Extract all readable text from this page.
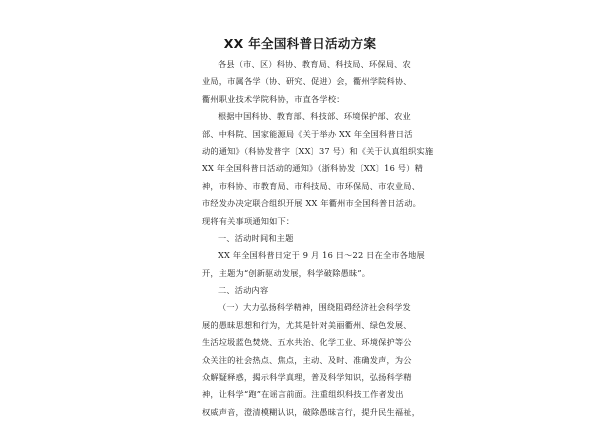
XX 年全国科普日活动方案
各县（市、区）科协、教育局、科技局、环保局、农
业局，市属各学（协、研究、促进）会，衢州学院科协、
衢州职业技术学院科协，市直各学校：
根据中国科协、教育部、科技部、环境保护部、农业
部、中科院、国家能源局《关于举办 XX 年全国科普日活
动的通知》（科协发普字〔XX〕37 号）和《关于认真组织实施
XX 年全国科普日活动的通知》（浙科协发〔XX〕16 号）精
神，市科协、市教育局、市科技局、市环保局、市农业局、
市经发办决定联合组织开展 XX 年衢州市全国科普日活动。
现将有关事项通知如下：
一、活动时间和主题
XX 年全国科普日定于 9 月 16 日～22 日在全市各地展
开，主题为“创新驱动发展，科学破除愚昧”。
二、活动内容
（一）大力弘扬科学精神，围绕阻碍经济社会科学发
展的愚昧思想和行为，尤其是针对美丽衢州、绿色发展、
生活垃圾蓝色焚烧、五水共治、化学工业、环境保护等公
众关注的社会热点、焦点，主动、及时、准确发声，为公
众解疑释惑，揭示科学真理，普及科学知识，弘扬科学精
神，让科学“跑”在谣言前面。注重组织科技工作者发出
权威声音，澄清模糊认识，破除愚昧言行，提升民生福祉，
